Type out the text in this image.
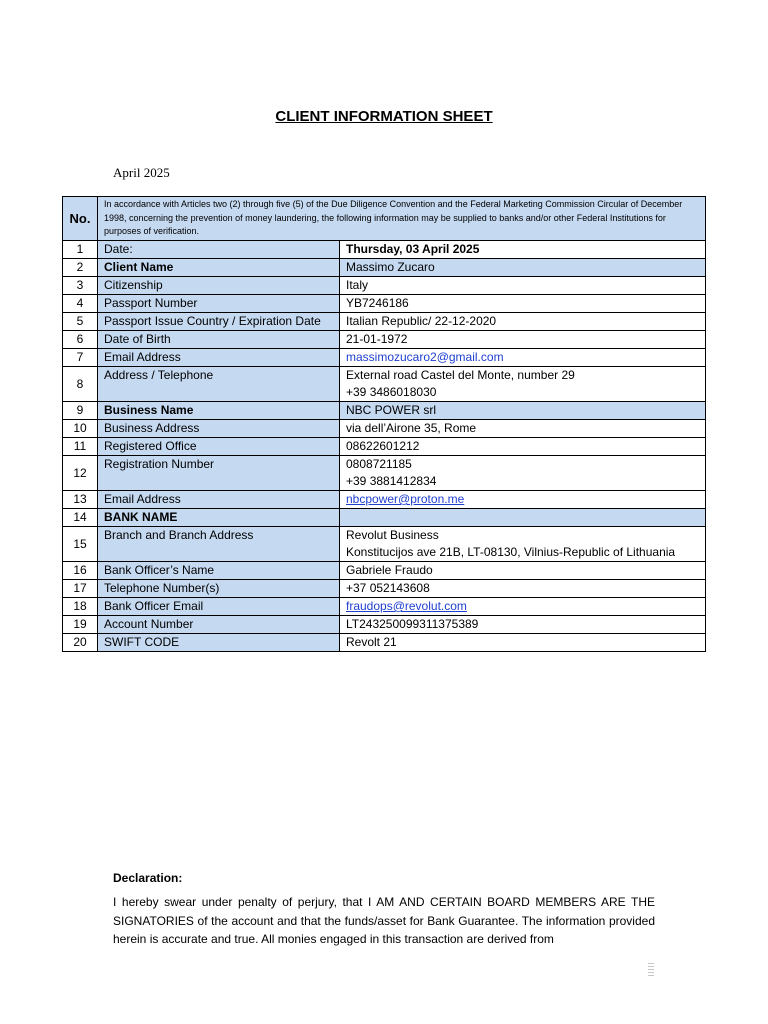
CLIENT INFORMATION SHEET
April 2025
No.	In accordance with Articles two (2) through five (5) of the Due Diligence Convention and the Federal Marketing Commission Circular of December 1998, concerning the prevention of money laundering, the following information may be supplied to banks and/or other Federal Institutions for purposes of verification.	
1	Date:	Thursday, 03 April 2025
2	Client Name	Massimo Zucaro
3	Citizenship	Italy
4	Passport Number	YB7246186
5	Passport Issue Country / Expiration Date	Italian Republic/ 22-12-2020
6	Date of Birth	21-01-1972
7	Email Address	massimozucaro2@gmail.com
8	Address / Telephone	External road Castel del Monte, number 29
+39 3486018030

9	Business Name	NBC POWER srl
10	Business Address	via dell’Airone 35, Rome
11	Registered Office	08622601212
12	Registration Number	0808721185
+39 3881412834

13	Email Address	nbcpower@proton.me
14	BANK NAME	
15	Branch and Branch Address	Revolut Business
Konstitucijos ave 21B, LT-08130, Vilnius-Republic of Lithuania

16	Bank Officer’s Name	Gabriele Fraudo
17	Telephone Number(s)	+37 052143608
18	Bank Officer Email	fraudops@revolut.com
19	Account Number	LT243250099311375389
20	SWIFT CODE	Revolt 21
Declaration:
I hereby swear under penalty of perjury, that I AM AND CERTAIN BOARD MEMBERS ARE THE SIGNATORIES of the account and that the funds/asset for Bank Guarantee. The information provided herein is accurate and true. All monies engaged in this transaction are derived from
